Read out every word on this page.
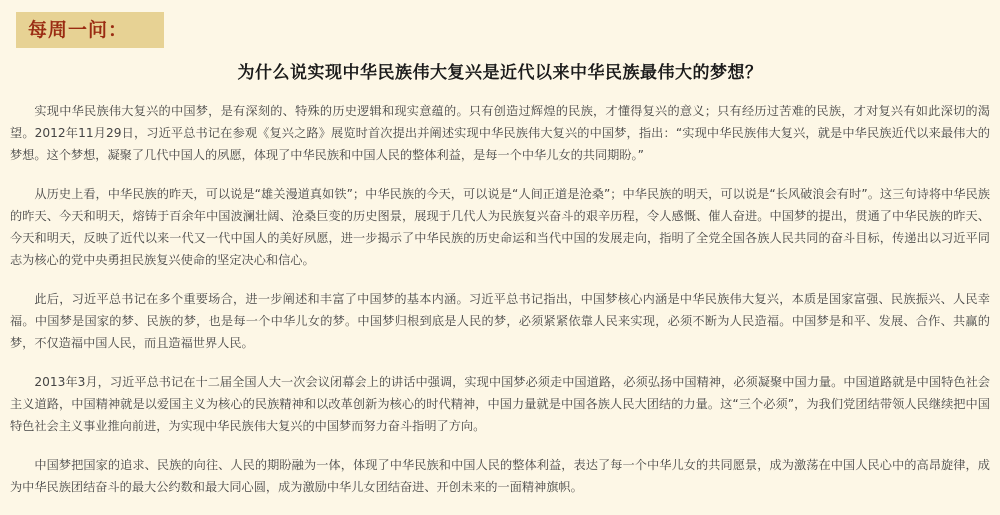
每周一问：
为什么说实现中华民族伟大复兴是近代以来中华民族最伟大的梦想？

实现中华民族伟大复兴的中国梦，是有深刻的、特殊的历史逻辑和现实意蕴的。只有创造过辉煌的民族，才懂得复兴的意义；只有经历过苦难的民族，才对复兴有如此深切的渴望。2012年11月29日，习近平总书记在参观《复兴之路》展览时首次提出并阐述实现中华民族伟大复兴的中国梦，指出：“实现中华民族伟大复兴，就是中华民族近代以来最伟大的梦想。这个梦想，凝聚了几代中国人的夙愿，体现了中华民族和中国人民的整体利益，是每一个中华儿女的共同期盼。”

从历史上看，中华民族的昨天，可以说是“雄关漫道真如铁”；中华民族的今天，可以说是“人间正道是沧桑”；中华民族的明天，可以说是“长风破浪会有时”。这三句诗将中华民族的昨天、今天和明天，熔铸于百余年中国波澜壮阔、沧桑巨变的历史图景，展现于几代人为民族复兴奋斗的艰辛历程，令人感慨、催人奋进。中国梦的提出，贯通了中华民族的昨天、今天和明天，反映了近代以来一代又一代中国人的美好夙愿，进一步揭示了中华民族的历史命运和当代中国的发展走向，指明了全党全国各族人民共同的奋斗目标，传递出以习近平同志为核心的党中央勇担民族复兴使命的坚定决心和信心。

此后，习近平总书记在多个重要场合，进一步阐述和丰富了中国梦的基本内涵。习近平总书记指出，中国梦核心内涵是中华民族伟大复兴，本质是国家富强、民族振兴、人民幸福。中国梦是国家的梦、民族的梦，也是每一个中华儿女的梦。中国梦归根到底是人民的梦，必须紧紧依靠人民来实现，必须不断为人民造福。中国梦是和平、发展、合作、共赢的梦，不仅造福中国人民，而且造福世界人民。

2013年3月，习近平总书记在十二届全国人大一次会议闭幕会上的讲话中强调，实现中国梦必须走中国道路，必须弘扬中国精神，必须凝聚中国力量。中国道路就是中国特色社会主义道路，中国精神就是以爱国主义为核心的民族精神和以改革创新为核心的时代精神，中国力量就是中国各族人民大团结的力量。这“三个必须”，为我们党团结带领人民继续把中国特色社会主义事业推向前进，为实现中华民族伟大复兴的中国梦而努力奋斗指明了方向。

中国梦把国家的追求、民族的向往、人民的期盼融为一体，体现了中华民族和中国人民的整体利益，表达了每一个中华儿女的共同愿景，成为激荡在中国人民心中的高昂旋律，成为中华民族团结奋斗的最大公约数和最大同心圆，成为激励中华儿女团结奋进、开创未来的一面精神旗帜。
